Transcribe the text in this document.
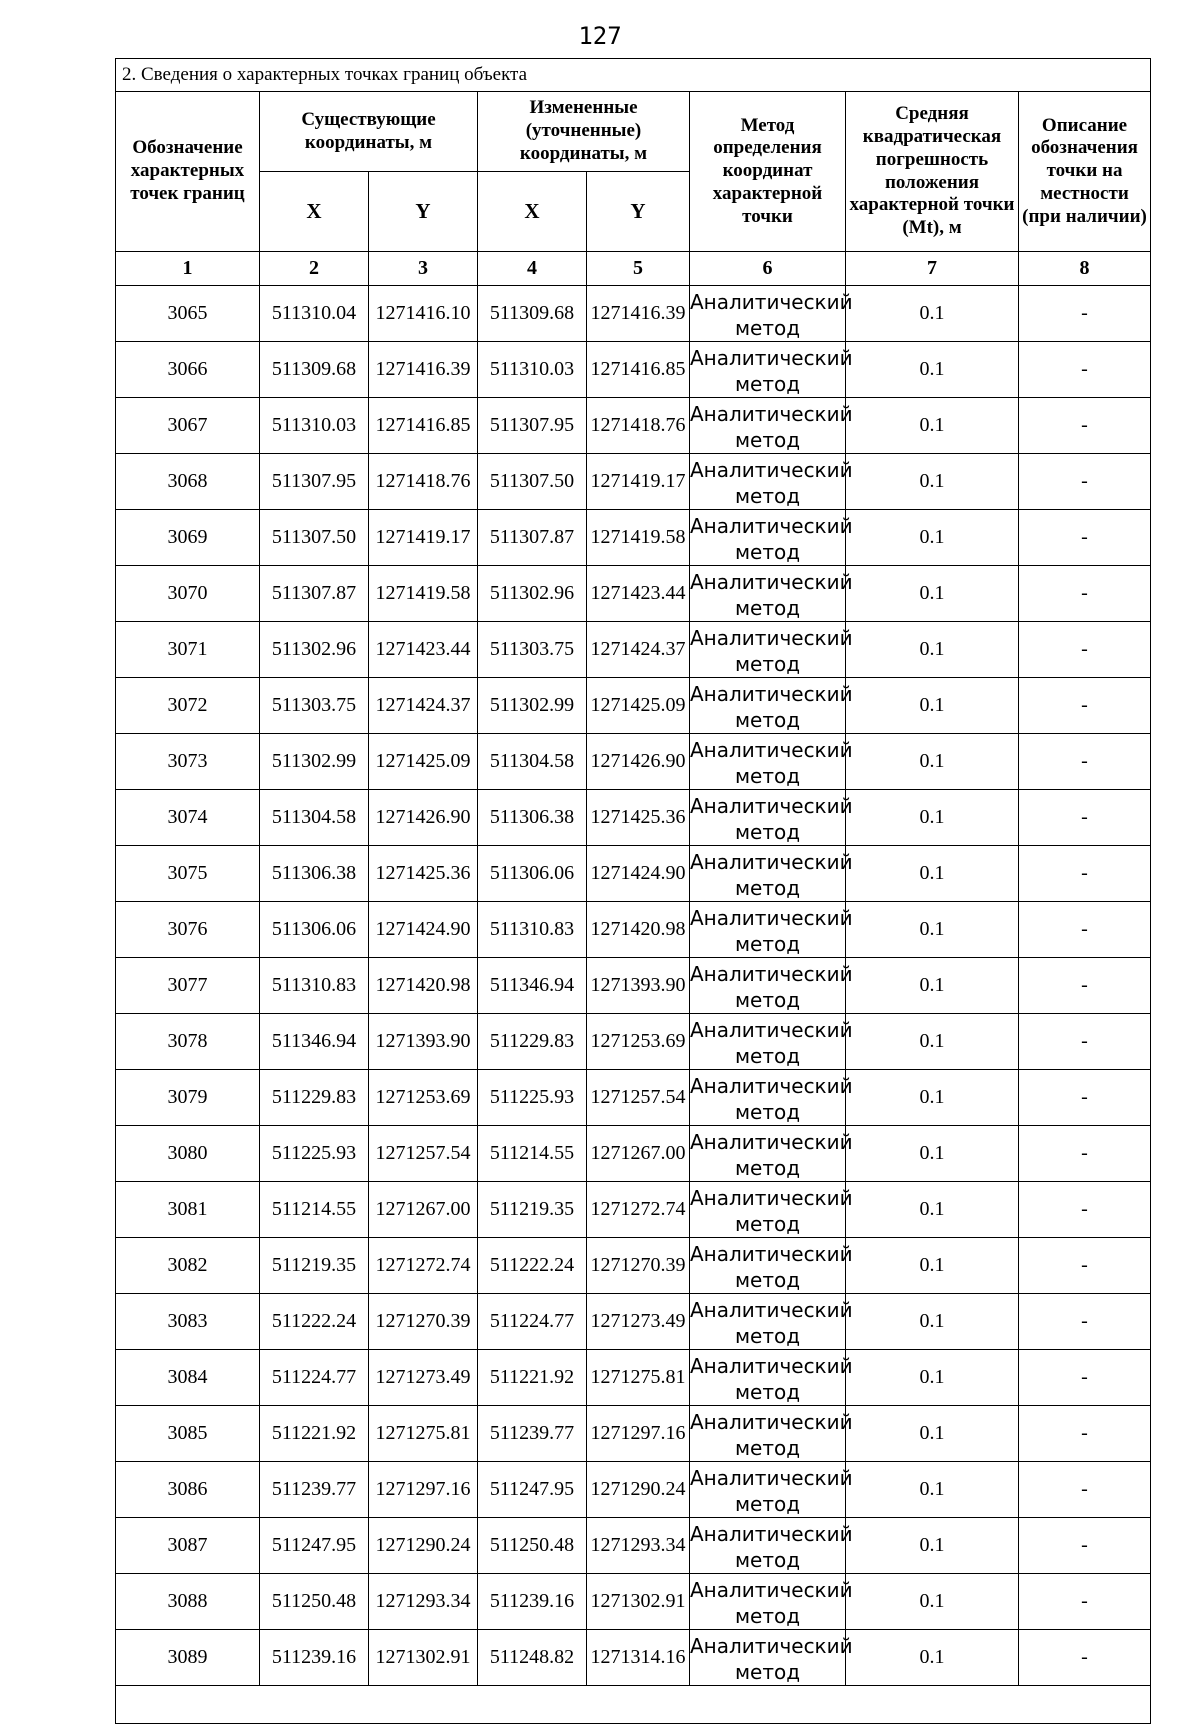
127
2. Сведения о характерных точках границ объекта							
Обозначение характерных точек границ	Существующие координаты, м		Измененные (уточненные) координаты, м		Метод определения координат характерной точки	Средняя квадратическая погрешность положения характерной точки (Mt), м	Описание обозначения точки на местности (при наличии)
	X	Y	X	Y			
1	2	3	4	5	6	7	8
3065	511310.04	1271416.10	511309.68	1271416.39	Аналитический метод	0.1	-
3066	511309.68	1271416.39	511310.03	1271416.85	Аналитический метод	0.1	-
3067	511310.03	1271416.85	511307.95	1271418.76	Аналитический метод	0.1	-
3068	511307.95	1271418.76	511307.50	1271419.17	Аналитический метод	0.1	-
3069	511307.50	1271419.17	511307.87	1271419.58	Аналитический метод	0.1	-
3070	511307.87	1271419.58	511302.96	1271423.44	Аналитический метод	0.1	-
3071	511302.96	1271423.44	511303.75	1271424.37	Аналитический метод	0.1	-
3072	511303.75	1271424.37	511302.99	1271425.09	Аналитический метод	0.1	-
3073	511302.99	1271425.09	511304.58	1271426.90	Аналитический метод	0.1	-
3074	511304.58	1271426.90	511306.38	1271425.36	Аналитический метод	0.1	-
3075	511306.38	1271425.36	511306.06	1271424.90	Аналитический метод	0.1	-
3076	511306.06	1271424.90	511310.83	1271420.98	Аналитический метод	0.1	-
3077	511310.83	1271420.98	511346.94	1271393.90	Аналитический метод	0.1	-
3078	511346.94	1271393.90	511229.83	1271253.69	Аналитический метод	0.1	-
3079	511229.83	1271253.69	511225.93	1271257.54	Аналитический метод	0.1	-
3080	511225.93	1271257.54	511214.55	1271267.00	Аналитический метод	0.1	-
3081	511214.55	1271267.00	511219.35	1271272.74	Аналитический метод	0.1	-
3082	511219.35	1271272.74	511222.24	1271270.39	Аналитический метод	0.1	-
3083	511222.24	1271270.39	511224.77	1271273.49	Аналитический метод	0.1	-
3084	511224.77	1271273.49	511221.92	1271275.81	Аналитический метод	0.1	-
3085	511221.92	1271275.81	511239.77	1271297.16	Аналитический метод	0.1	-
3086	511239.77	1271297.16	511247.95	1271290.24	Аналитический метод	0.1	-
3087	511247.95	1271290.24	511250.48	1271293.34	Аналитический метод	0.1	-
3088	511250.48	1271293.34	511239.16	1271302.91	Аналитический метод	0.1	-
3089	511239.16	1271302.91	511248.82	1271314.16	Аналитический метод	0.1	-
